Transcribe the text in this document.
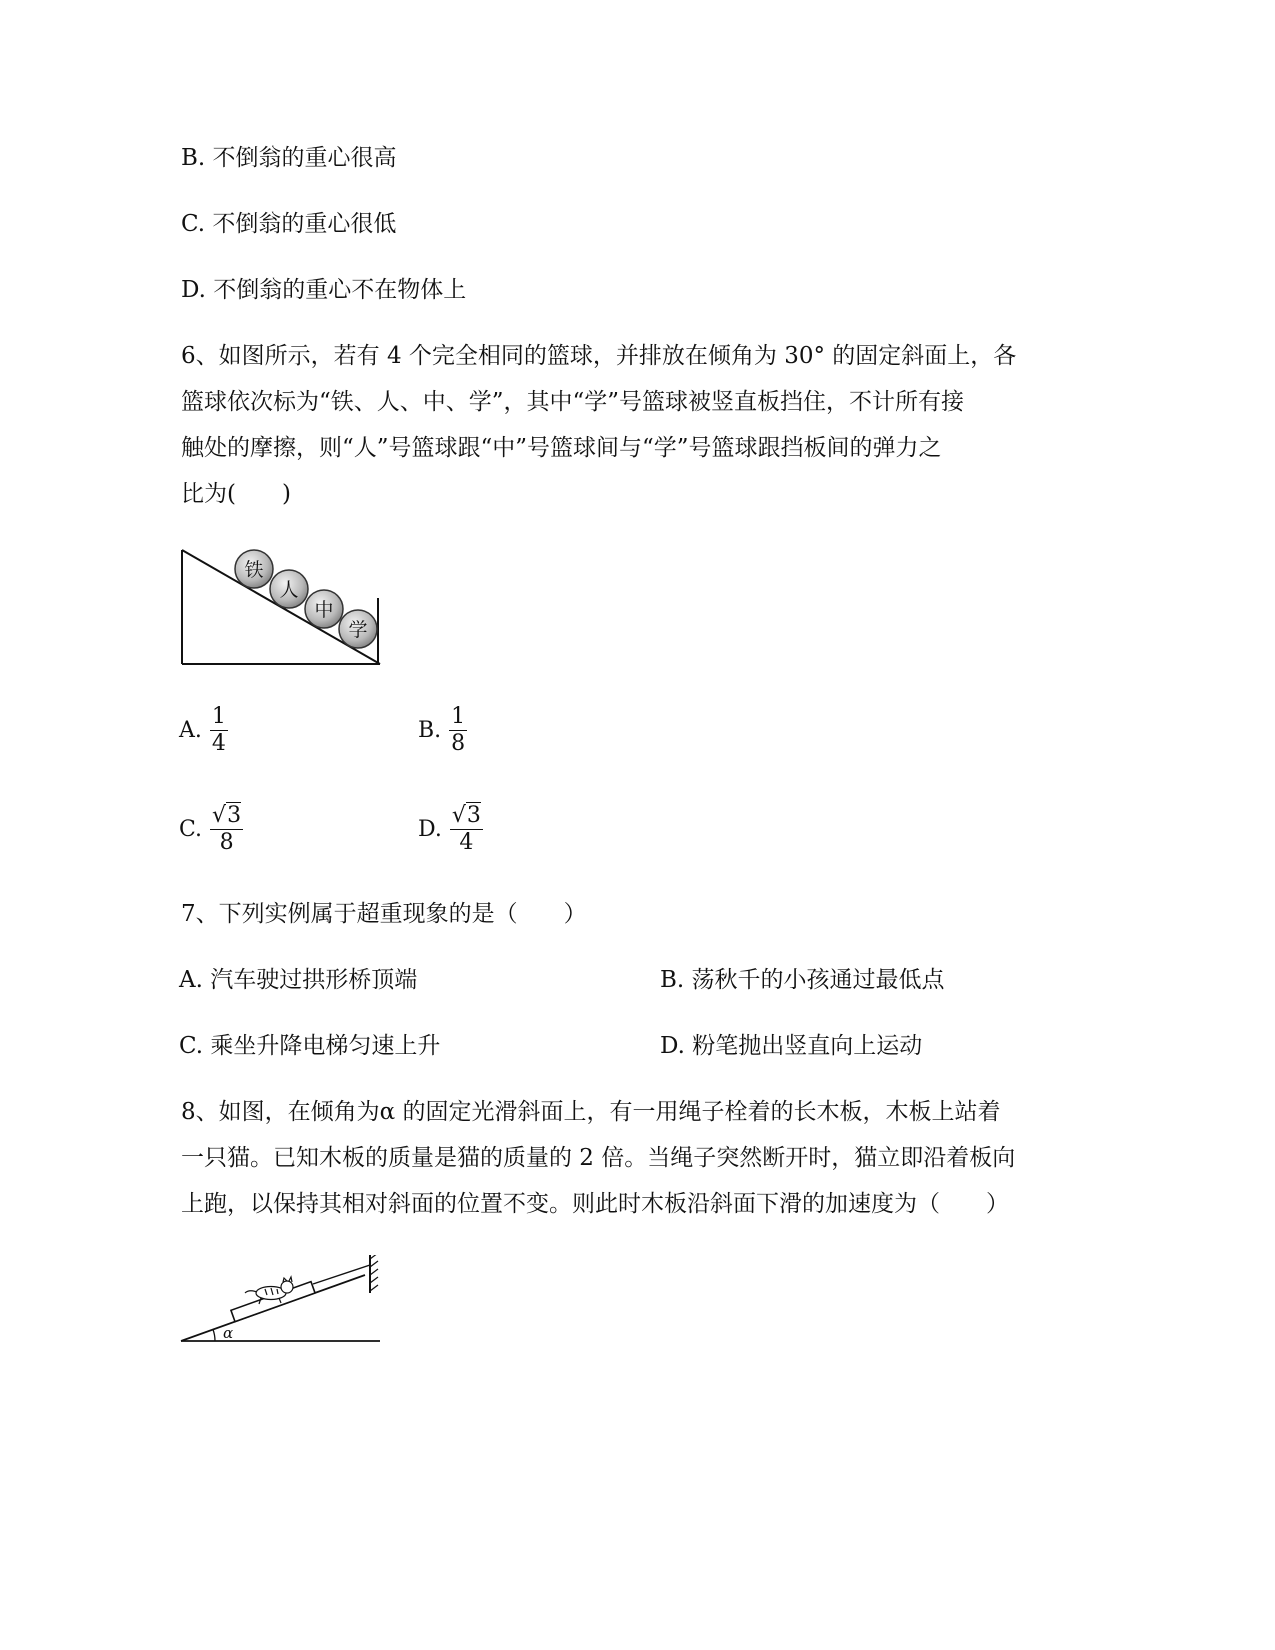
B. 不倒翁的重心很高
C. 不倒翁的重心很低
D. 不倒翁的重心不在物体上
6、如图所示，若有 4 个完全相同的篮球，并排放在倾角为 30° 的固定斜面上，各
篮球依次标为“铁、人、中、学”，其中“学”号篮球被竖直板挡住，不计所有接
触处的摩擦，则“人”号篮球跟“中”号篮球间与“学”号篮球跟挡板间的弹力之
比为(　　)
铁
人
中
学
A. $\frac{1}{4}$	B. $\frac{1}{8}$
C. $\frac{√3}{8}$	D. $\frac{√3}{4}$
7、下列实例属于超重现象的是（　　）
A. 汽车驶过拱形桥顶端	B. 荡秋千的小孩通过最低点
C. 乘坐升降电梯匀速上升	D. 粉笔抛出竖直向上运动
8、如图，在倾角为α 的固定光滑斜面上，有一用绳子栓着的长木板，木板上站着
一只猫。已知木板的质量是猫的质量的 2 倍。当绳子突然断开时，猫立即沿着板向
上跑，以保持其相对斜面的位置不变。则此时木板沿斜面下滑的加速度为（　　）
α
